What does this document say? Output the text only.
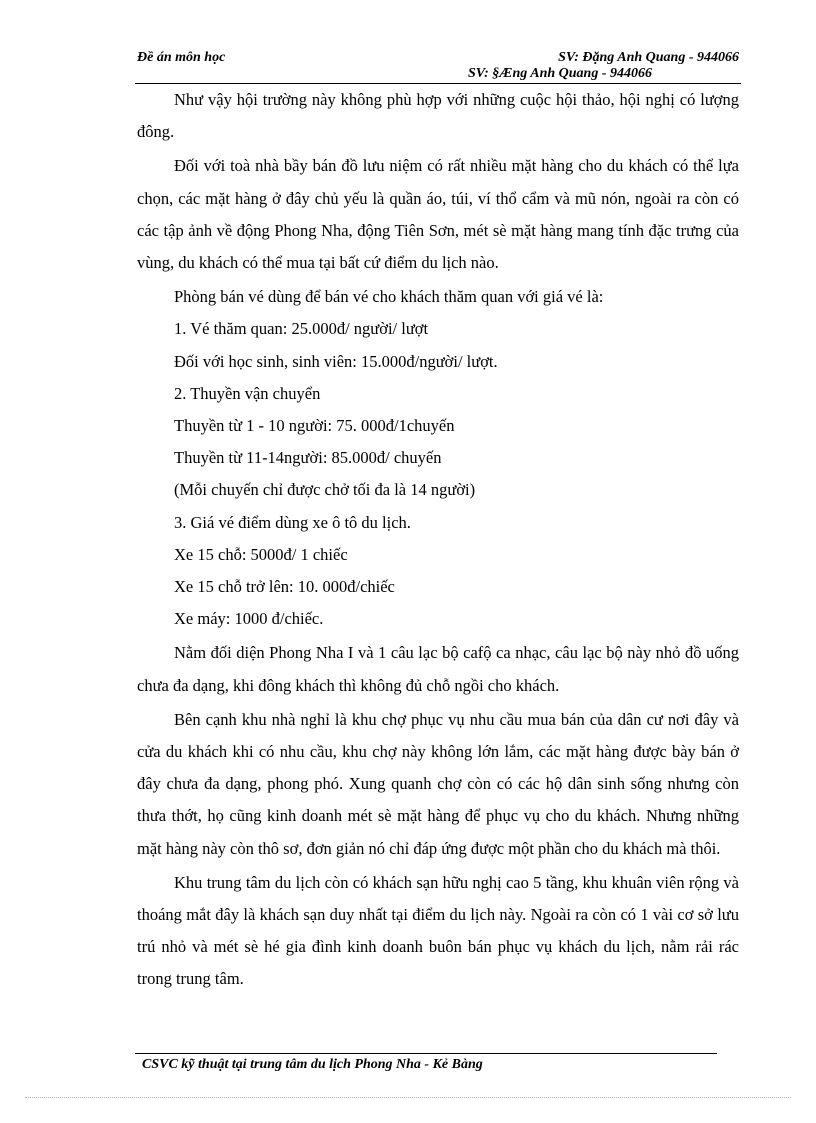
Đề án môn học	SV: Đặng Anh Quang - 944066
SV: §Æng Anh Quang - 944066

Như vậy hội trường này không phù hợp với những cuộc hội thảo, hội nghị có lượng đông.

Đối với toà nhà bầy bán đồ lưu niệm có rất nhiều mặt hàng cho du khách có thể lựa chọn, các mặt hàng ở đây chủ yếu là quần áo, túi, ví thổ cẩm và mũ nón, ngoài ra còn có các tập ảnh về động Phong Nha, động Tiên Sơn, mét sè mặt hàng mang tính đặc trưng của vùng, du khách có thể mua tại bất cứ điểm du lịch nào.

Phòng bán vé dùng để bán vé cho khách thăm quan với giá vé là:

1. Vé thăm quan: 25.000đ/ người/ lượt

Đối với học sinh, sinh viên: 15.000đ/người/ lượt.

2. Thuyền vận chuyển

Thuyền từ 1 - 10 người: 75. 000đ/1chuyến

Thuyền từ 11-14người: 85.000đ/ chuyến

(Mỗi chuyến chỉ được chở tối đa là 14 người)

3. Giá vé điểm dùng xe ô tô du lịch.

Xe 15 chỗ: 5000đ/ 1 chiếc

Xe 15 chỗ trở lên: 10. 000đ/chiếc

Xe máy: 1000 đ/chiếc.

Nằm đối diện Phong Nha I và 1 câu lạc bộ cafộ ca nhạc, câu lạc bộ này nhỏ đồ uống chưa đa dạng, khi đông khách thì không đủ chỗ ngồi cho khách.

Bên cạnh khu nhà nghỉ là khu chợ phục vụ nhu cầu mua bán của dân cư nơi đây và cửa du khách khi có nhu cầu, khu chợ này không lớn lắm, các mặt hàng được bày bán ở đây chưa đa dạng, phong phó. Xung quanh chợ còn có các hộ dân sinh sống nhưng còn thưa thớt, họ cũng kinh doanh mét sè mặt hàng để phục vụ cho du khách. Nhưng những mặt hàng này còn thô sơ, đơn giản nó chỉ đáp ứng được một phần cho du khách mà thôi.

Khu trung tâm du lịch còn có khách sạn hữu nghị cao 5 tầng, khu khuân viên rộng và thoáng mắt đây là khách sạn duy nhất tại điểm du lịch này. Ngoài ra còn có 1 vài cơ sở lưu trú nhỏ và mét sè hé gia đình kinh doanh buôn bán phục vụ khách du lịch, nằm rải rác trong trung tâm.

CSVC kỹ thuật tại trung tâm du lịch Phong Nha - Kẻ Bàng
